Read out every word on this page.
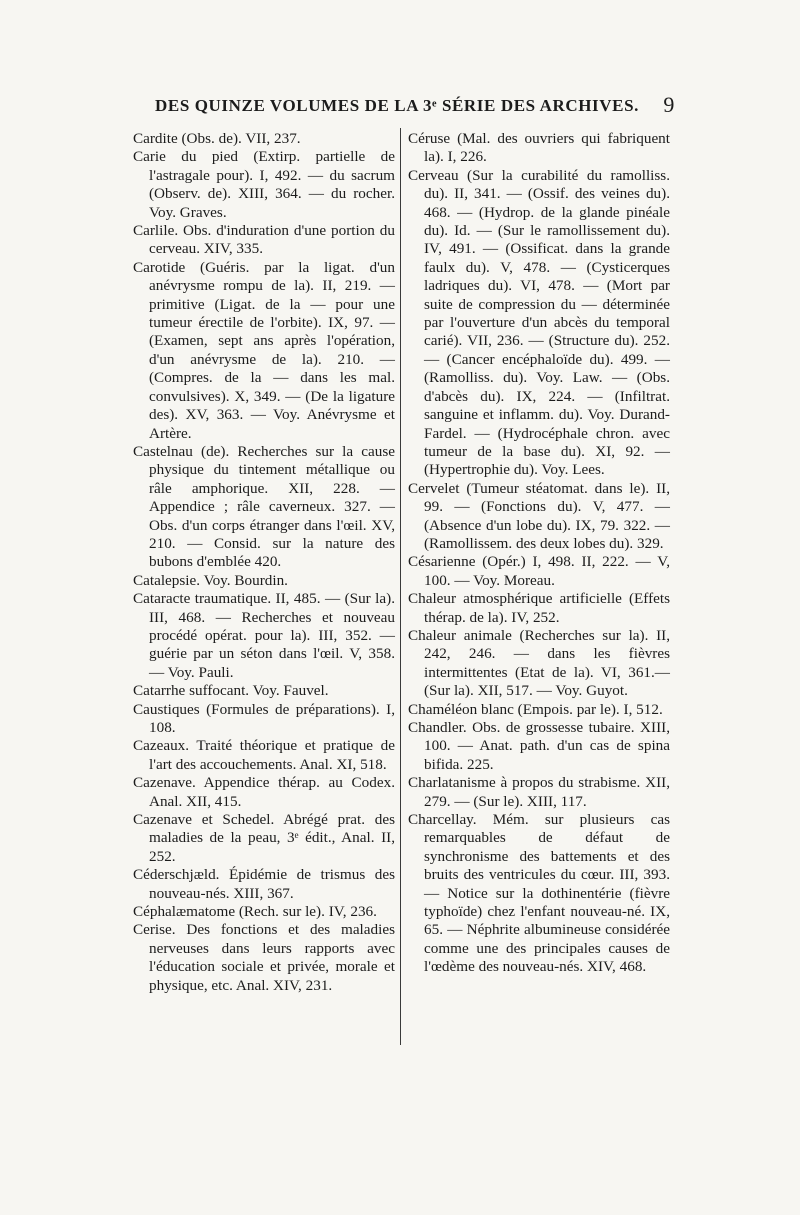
DES QUINZE VOLUMES DE LA 3ᵉ SÉRIE DES ARCHIVES. 9

Cardite (Obs. de). VII, 237.

Carie du pied (Extirp. partielle de l'astragale pour). I, 492. — du sacrum (Observ. de). XIII, 364. — du rocher. Voy. Graves.

Carlile. Obs. d'induration d'une portion du cerveau. XIV, 335.

Carotide (Guéris. par la ligat. d'un anévrysme rompu de la). II, 219. — primitive (Ligat. de la — pour une tumeur érectile de l'orbite). IX, 97. — (Examen, sept ans après l'opération, d'un anévrysme de la). 210. — (Compres. de la — dans les mal. convulsives). X, 349. — (De la ligature des). XV, 363. — Voy. Anévrysme et Artère.

Castelnau (de). Recherches sur la cause physique du tintement métallique ou râle amphorique. XII, 228. — Appendice ; râle caverneux. 327. — Obs. d'un corps étranger dans l'œil. XV, 210. — Consid. sur la nature des bubons d'emblée 420.

Catalepsie. Voy. Bourdin.

Cataracte traumatique. II, 485. — (Sur la). III, 468. — Recherches et nouveau procédé opérat. pour la). III, 352. — guérie par un séton dans l'œil. V, 358. — Voy. Pauli.

Catarrhe suffocant. Voy. Fauvel.

Caustiques (Formules de préparations). I, 108.

Cazeaux. Traité théorique et pratique de l'art des accouchements. Anal. XI, 518.

Cazenave. Appendice thérap. au Codex. Anal. XII, 415.

Cazenave et Schedel. Abrégé prat. des maladies de la peau, 3ᵉ édit., Anal. II, 252.

Céderschjæld. Épidémie de trismus des nouveau-nés. XIII, 367.

Céphalæmatome (Rech. sur le). IV, 236.

Cerise. Des fonctions et des maladies nerveuses dans leurs rapports avec l'éducation sociale et privée, morale et physique, etc. Anal. XIV, 231.

Céruse (Mal. des ouvriers qui fabriquent la). I, 226.

Cerveau (Sur la curabilité du ramolliss. du). II, 341. — (Ossif. des veines du). 468. — (Hydrop. de la glande pinéale du). Id. — (Sur le ramollissement du). IV, 491. — (Ossificat. dans la grande faulx du). V, 478. — (Cysticerques ladriques du). VI, 478. — (Mort par suite de compression du — déterminée par l'ouverture d'un abcès du temporal carié). VII, 236. — (Structure du). 252. — (Cancer encéphaloïde du). 499. — (Ramolliss. du). Voy. Law. — (Obs. d'abcès du). IX, 224. — (Infiltrat. sanguine et inflamm. du). Voy. Durand-Fardel. — (Hydrocéphale chron. avec tumeur de la base du). XI, 92. — (Hypertrophie du). Voy. Lees.

Cervelet (Tumeur stéatomat. dans le). II, 99. — (Fonctions du). V, 477. — (Absence d'un lobe du). IX, 79. 322. — (Ramollissem. des deux lobes du). 329.

Césarienne (Opér.) I, 498. II, 222. — V, 100. — Voy. Moreau.

Chaleur atmosphérique artificielle (Effets thérap. de la). IV, 252.

Chaleur animale (Recherches sur la). II, 242, 246. — dans les fièvres intermittentes (Etat de la). VI, 361.— (Sur la). XII, 517. — Voy. Guyot.

Chaméléon blanc (Empois. par le). I, 512.

Chandler. Obs. de grossesse tubaire. XIII, 100. — Anat. path. d'un cas de spina bifida. 225.

Charlatanisme à propos du strabisme. XII, 279. — (Sur le). XIII, 117.

Charcellay. Mém. sur plusieurs cas remarquables de défaut de synchronisme des battements et des bruits des ventricules du cœur. III, 393. — Notice sur la dothinentérie (fièvre typhoïde) chez l'enfant nouveau-né. IX, 65. — Néphrite albumineuse considérée comme une des principales causes de l'œdème des nouveau-nés. XIV, 468.
